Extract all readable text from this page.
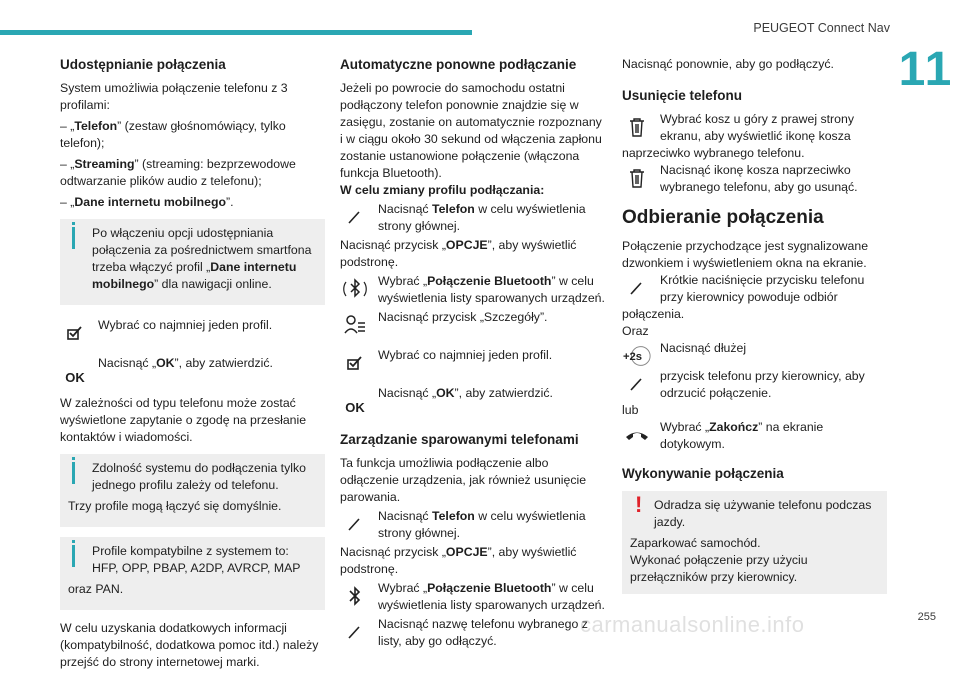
PEUGEOT Connect Nav
11
carmanualsonline.info	255
Udostępnianie połączenia

System umożliwia połączenie telefonu z 3 profilami:

– „Telefon” (zestaw głośnomówiący, tylko telefon);

– „Streaming” (streaming: bezprzewodowe odtwarzanie plików audio z telefonu);

– „Dane internetu mobilnego”.

Po włączeniu opcji udostępniania połączenia za pośrednictwem smartfona trzeba włączyć profil „Dane internetu mobilnego” dla nawigacji online.

Wybrać co najmniej jeden profil.
OK
Nacisnąć „OK”, aby zatwierdzić.

W zależności od typu telefonu może zostać wyświetlone zapytanie o zgodę na przesłanie kontaktów i wiadomości.

Zdolność systemu do podłączenia tylko jednego profilu zależy od telefonu.

Trzy profile mogą łączyć się domyślnie.

Profile kompatybilne z systemem to: HFP, OPP, PBAP, A2DP, AVRCP, MAP

oraz PAN.

W celu uzyskania dodatkowych informacji (kompatybilność, dodatkowa pomoc itd.) należy przejść do strony internetowej marki.

Automatyczne ponowne podłączanie

Jeżeli po powrocie do samochodu ostatni podłączony telefon ponownie znajdzie się w zasięgu, zostanie on automatycznie rozpoznany i w ciągu około 30 sekund od włączenia zapłonu zostanie ustanowione połączenie (włączona funkcja Bluetooth).

W celu zmiany profilu podłączania:

Nacisnąć Telefon w celu wyświetlenia strony głównej.

Nacisnąć przycisk „OPCJE”, aby wyświetlić podstronę.

Wybrać „Połączenie Bluetooth” w celu wyświetlenia listy sparowanych urządzeń.
Nacisnąć przycisk „Szczegóły”.
Wybrać co najmniej jeden profil.
OK
Nacisnąć „OK”, aby zatwierdzić.
Zarządzanie sparowanymi telefonami

Ta funkcja umożliwia podłączenie albo odłączenie urządzenia, jak również usunięcie parowania.

Nacisnąć Telefon w celu wyświetlenia strony głównej.

Nacisnąć przycisk „OPCJE”, aby wyświetlić podstronę.

Wybrać „Połączenie Bluetooth” w celu wyświetlenia listy sparowanych urządzeń.
Nacisnąć nazwę telefonu wybranego z listy, aby go odłączyć.

Nacisnąć ponownie, aby go podłączyć.

Usunięcie telefonu
Wybrać kosz u góry z prawej strony ekranu, aby wyświetlić ikonę kosza

naprzeciwko wybranego telefonu.

Nacisnąć ikonę kosza naprzeciwko wybranego telefonu, aby go usunąć.
Odbieranie połączenia

Połączenie przychodzące jest sygnalizowane dzwonkiem i wyświetleniem okna na ekranie.

Krótkie naciśnięcie przycisku telefonu przy kierownicy powoduje odbiór

połączenia.

Oraz

+2s
Nacisnąć dłużej
przycisk telefonu przy kierownicy, aby odrzucić połączenie.

lub

Wybrać „Zakończ” na ekranie dotykowym.
Wykonywanie połączenia
! Odradza się używanie telefonu podczas jazdy.

Zaparkować samochód.

Wykonać połączenie przy użyciu przełączników przy kierownicy.
